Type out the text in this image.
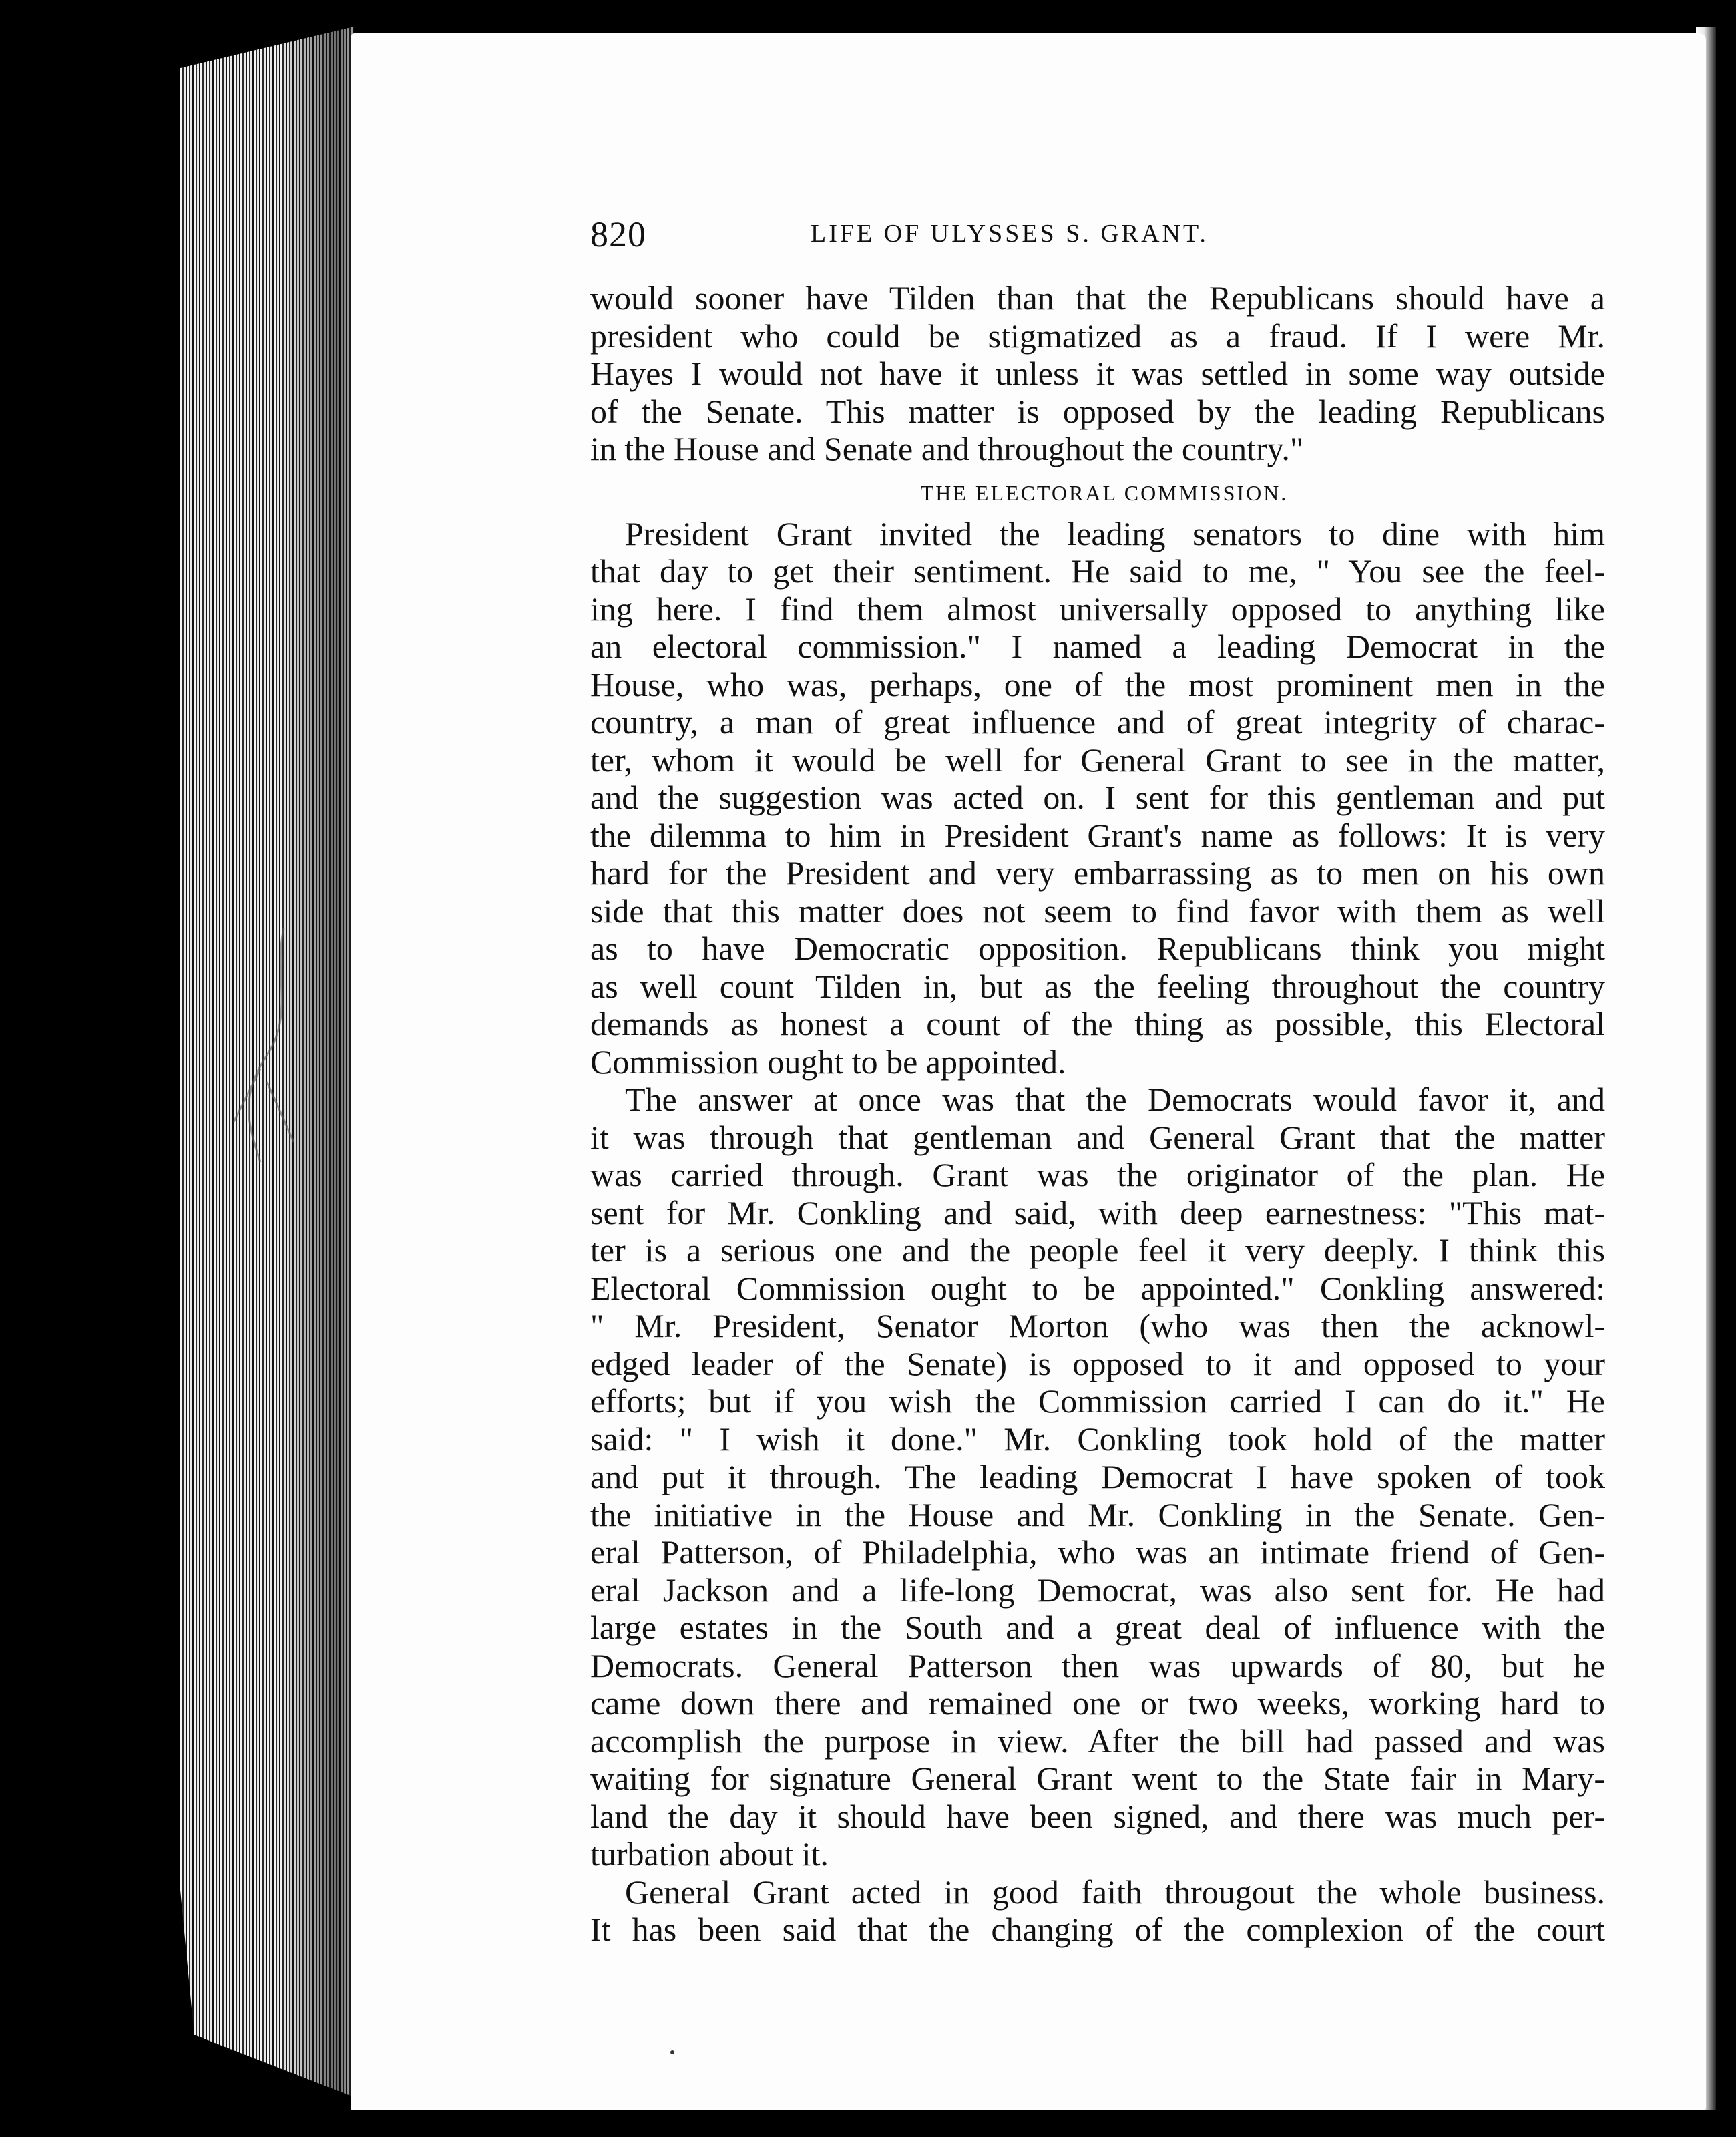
820	LIFE OF ULYSSES S. GRANT.
would sooner have Tilden than that the Republicans should have a
president who could be stigmatized as a fraud. If I were Mr.
Hayes I would not have it unless it was settled in some way outside
of the Senate. This matter is opposed by the leading Republicans
in the House and Senate and throughout the country."
THE ELECTORAL COMMISSION.
President Grant invited the leading senators to dine with him
that day to get their sentiment. He said to me, " You see the feel-
ing here. I find them almost universally opposed to anything like
an electoral commission." I named a leading Democrat in the
House, who was, perhaps, one of the most prominent men in the
country, a man of great influence and of great integrity of charac-
ter, whom it would be well for General Grant to see in the matter,
and the suggestion was acted on. I sent for this gentleman and put
the dilemma to him in President Grant's name as follows: It is very
hard for the President and very embarrassing as to men on his own
side that this matter does not seem to find favor with them as well
as to have Democratic opposition. Republicans think you might
as well count Tilden in, but as the feeling throughout the country
demands as honest a count of the thing as possible, this Electoral
Commission ought to be appointed.
The answer at once was that the Democrats would favor it, and
it was through that gentleman and General Grant that the matter
was carried through. Grant was the originator of the plan. He
sent for Mr. Conkling and said, with deep earnestness: "This mat-
ter is a serious one and the people feel it very deeply. I think this
Electoral Commission ought to be appointed." Conkling answered:
" Mr. President, Senator Morton (who was then the acknowl-
edged leader of the Senate) is opposed to it and opposed to your
efforts; but if you wish the Commission carried I can do it." He
said: " I wish it done." Mr. Conkling took hold of the matter
and put it through. The leading Democrat I have spoken of took
the initiative in the House and Mr. Conkling in the Senate. Gen-
eral Patterson, of Philadelphia, who was an intimate friend of Gen-
eral Jackson and a life-long Democrat, was also sent for. He had
large estates in the South and a great deal of influence with the
Democrats. General Patterson then was upwards of 80, but he
came down there and remained one or two weeks, working hard to
accomplish the purpose in view. After the bill had passed and was
waiting for signature General Grant went to the State fair in Mary-
land the day it should have been signed, and there was much per-
turbation about it.
General Grant acted in good faith througout the whole business.
It has been said that the changing of the complexion of the court
